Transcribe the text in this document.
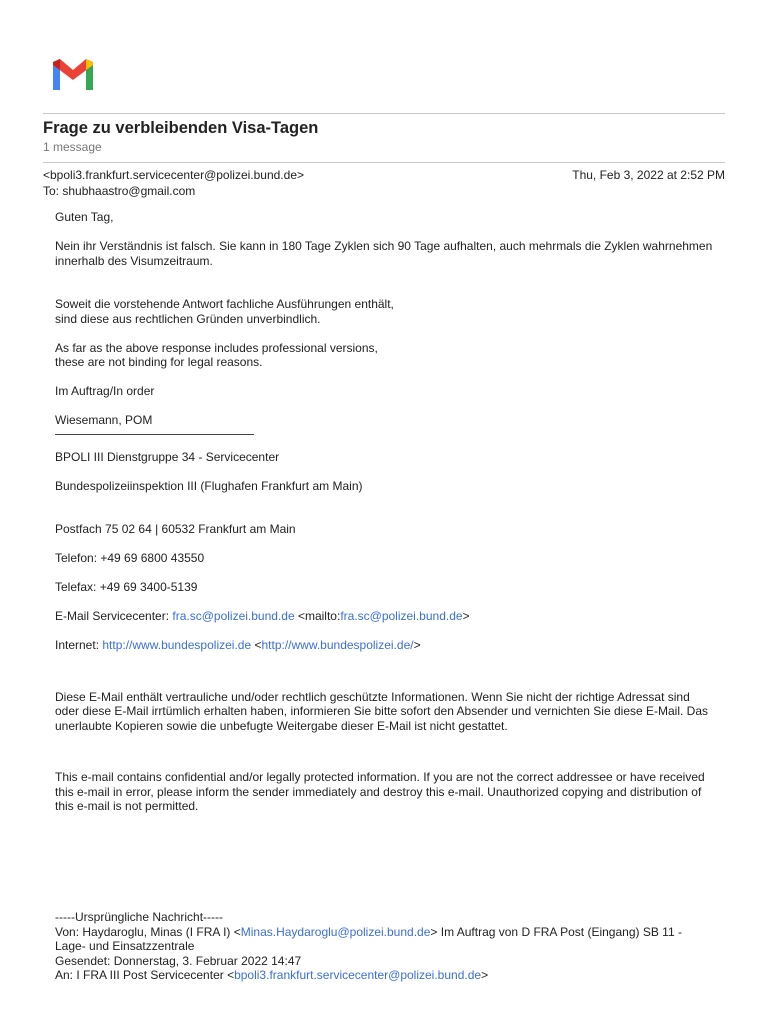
Frage zu verbleibenden Visa-Tagen
1 message
<bpoli3.frankfurt.servicecenter@polizei.bund.de>	Thu, Feb 3, 2022 at 2:52 PM
To: shubhaastro@gmail.com

Guten Tag,

Nein ihr Verständnis ist falsch. Sie kann in 180 Tage Zyklen sich 90 Tage aufhalten, auch mehrmals die Zyklen wahrnehmen innerhalb des Visumzeitraum.

Soweit die vorstehende Antwort fachliche Ausführungen enthält,

sind diese aus rechtlichen Gründen unverbindlich.

As far as the above response includes professional versions,

these are not binding for legal reasons.

Im Auftrag/In order

Wiesemann, POM

BPOLI III Dienstgruppe 34 - Servicecenter

Bundespolizeiinspektion III (Flughafen Frankfurt am Main)

Postfach 75 02 64 | 60532 Frankfurt am Main

Telefon: +49 69 6800 43550

Telefax: +49 69 3400-5139

E-Mail Servicecenter: fra.sc@polizei.bund.de <mailto:fra.sc@polizei.bund.de>

Internet: http://www.bundespolizei.de <http://www.bundespolizei.de/>

Diese E-Mail enthält vertrauliche und/oder rechtlich geschützte Informationen. Wenn Sie nicht der richtige Adressat sind oder diese E-Mail irrtümlich erhalten haben, informieren Sie bitte sofort den Absender und vernichten Sie diese E-Mail. Das unerlaubte Kopieren sowie die unbefugte Weitergabe dieser E-Mail ist nicht gestattet.

This e-mail contains confidential and/or legally protected information. If you are not the correct addressee or have received this e-mail in error, please inform the sender immediately and destroy this e-mail. Unauthorized copying and distribution of this e-mail is not permitted.

-----Ursprüngliche Nachricht-----

Von: Haydaroglu, Minas (I FRA I) <Minas.Haydaroglu@polizei.bund.de> Im Auftrag von D FRA Post (Eingang) SB 11 - Lage- und Einsatzzentrale

Gesendet: Donnerstag, 3. Februar 2022 14:47

An: I FRA III Post Servicecenter <bpoli3.frankfurt.servicecenter@polizei.bund.de>
